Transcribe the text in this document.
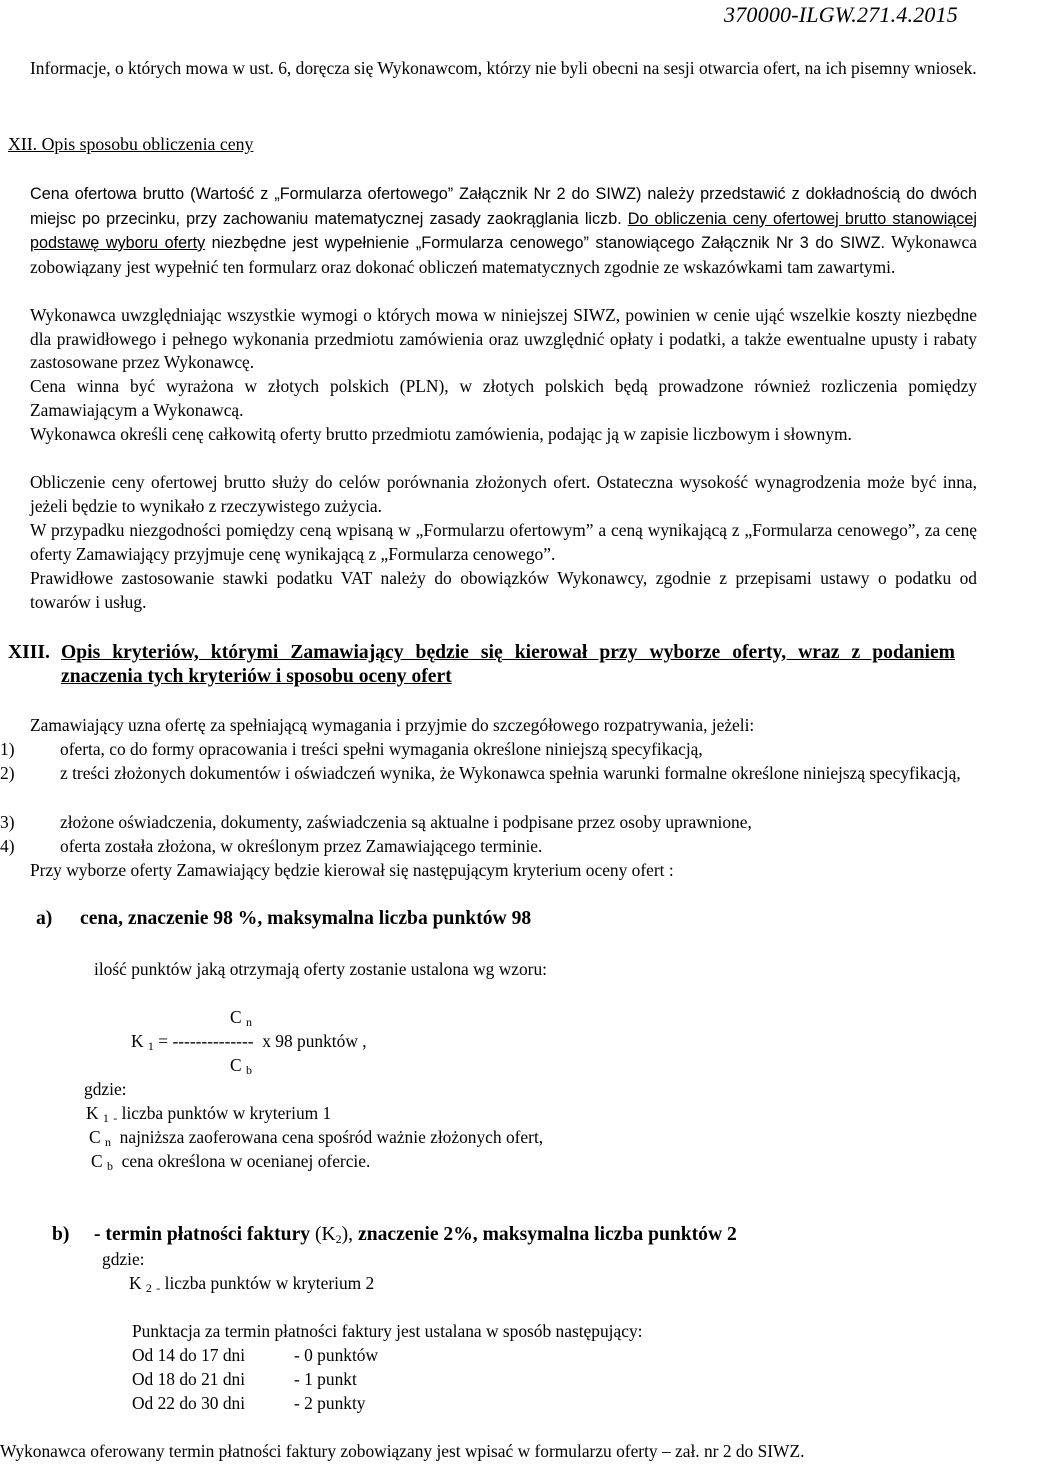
370000-ILGW.271.4.2015
Informacje, o których mowa w ust. 6, doręcza się Wykonawcom, którzy nie byli obecni na sesji otwarcia ofert, na ich pisemny wniosek.
XII. Opis sposobu obliczenia ceny
Cena ofertowa brutto (Wartość z „Formularza ofertowego” Załącznik Nr 2 do SIWZ) należy przedstawić z dokładnością do dwóch miejsc po przecinku, przy zachowaniu matematycznej zasady zaokrąglania liczb. Do obliczenia ceny ofertowej brutto stanowiącej podstawę wyboru oferty niezbędne jest wypełnienie „Formularza cenowego” stanowiącego Załącznik Nr 3 do SIWZ. Wykonawca zobowiązany jest wypełnić ten formularz oraz dokonać obliczeń matematycznych zgodnie ze wskazówkami tam zawartymi.
Wykonawca uwzględniając wszystkie wymogi o których mowa w niniejszej SIWZ, powinien w cenie ująć wszelkie koszty niezbędne dla prawidłowego i pełnego wykonania przedmiotu zamówienia oraz uwzględnić opłaty i podatki, a także ewentualne upusty i rabaty zastosowane przez Wykonawcę.
Cena winna być wyrażona w złotych polskich (PLN), w złotych polskich będą prowadzone również rozliczenia pomiędzy Zamawiającym a Wykonawcą.
Wykonawca określi cenę całkowitą oferty brutto przedmiotu zamówienia, podając ją w zapisie liczbowym i słownym.
Obliczenie ceny ofertowej brutto służy do celów porównania złożonych ofert. Ostateczna wysokość wynagrodzenia może być inna, jeżeli będzie to wynikało z rzeczywistego zużycia.
W przypadku niezgodności pomiędzy ceną wpisaną w „Formularzu ofertowym” a ceną wynikającą z „Formularza cenowego”, za cenę oferty Zamawiający przyjmuje cenę wynikającą z „Formularza cenowego”.
Prawidłowe zastosowanie stawki podatku VAT należy do obowiązków Wykonawcy, zgodnie z przepisami ustawy o podatku od towarów i usług.
XIII. Opis kryteriów, którymi Zamawiający będzie się kierował przy wyborze oferty, wraz z podaniem znaczenia tych kryteriów i sposobu oceny ofert
Zamawiający uzna ofertę za spełniającą wymagania i przyjmie do szczegółowego rozpatrywania, jeżeli:
1)	oferta, co do formy opracowania i treści spełni wymagania określone niniejszą specyfikacją,
2)	z treści złożonych dokumentów i oświadczeń wynika, że Wykonawca spełnia warunki formalne określone niniejszą specyfikacją,
3)	złożone oświadczenia, dokumenty, zaświadczenia są aktualne i podpisane przez osoby uprawnione,
4)	oferta została złożona, w określonym przez Zamawiającego terminie.
Przy wyborze oferty Zamawiający będzie kierował się następującym kryterium oceny ofert :
a) cena, znaczenie 98 %, maksymalna liczba punktów 98
ilość punktów jaką otrzymają oferty zostanie ustalona wg wzoru:
C n
K 1 = -------------- x 98 punktów ,
C b
gdzie:
K 1 - liczba punktów w kryterium 1
C n najniższa zaoferowana cena spośród ważnie złożonych ofert,
C b cena określona w ocenianej ofercie.
b) - termin płatności faktury (K2), znaczenie 2%, maksymalna liczba punktów 2
gdzie:
K 2 - liczba punktów w kryterium 2
Punktacja za termin płatności faktury jest ustalana w sposób następujący:
Od 14 do 17 dni	- 0 punktów
Od 18 do 21 dni	- 1 punkt
Od 22 do 30 dni	- 2 punkty
Wykonawca oferowany termin płatności faktury zobowiązany jest wpisać w formularzu oferty – zał. nr 2 do SIWZ.
